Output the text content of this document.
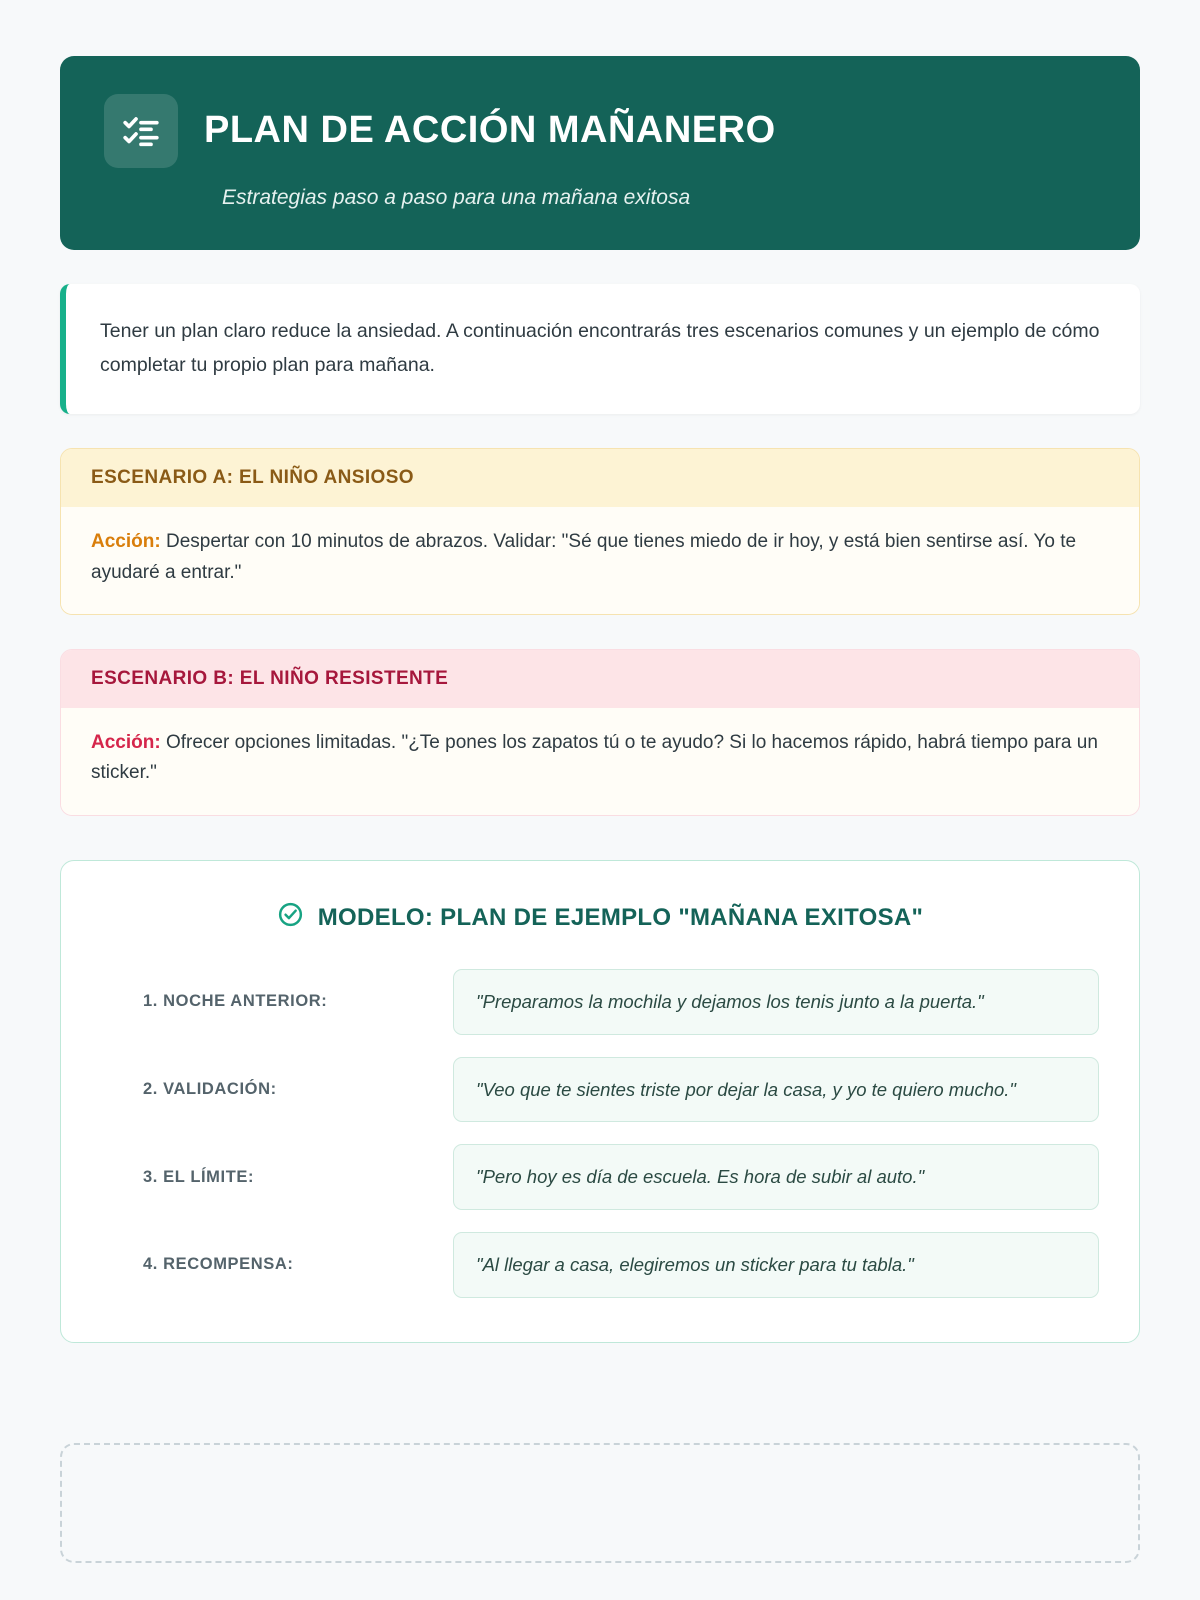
PLAN DE ACCIÓN MAÑANERO
Estrategias paso a paso para una mañana exitosa

Tener un plan claro reduce la ansiedad. A continuación encontrarás tres escenarios comunes y un ejemplo de cómo completar tu propio plan para mañana.

ESCENARIO A: EL NIÑO ANSIOSO
Acción: Despertar con 10 minutos de abrazos. Validar: "Sé que tienes miedo de ir hoy, y está bien sentirse así. Yo te ayudaré a entrar."
ESCENARIO B: EL NIÑO RESISTENTE
Acción: Ofrecer opciones limitadas. "¿Te pones los zapatos tú o te ayudo? Si lo hacemos rápido, habrá tiempo para un sticker."
MODELO: PLAN DE EJEMPLO "MAÑANA EXITOSA"
1. NOCHE ANTERIOR:	"Preparamos la mochila y dejamos los tenis junto a la puerta."
2. VALIDACIÓN:	"Veo que te sientes triste por dejar la casa, y yo te quiero mucho."
3. EL LÍMITE:	"Pero hoy es día de escuela. Es hora de subir al auto."
4. RECOMPENSA:	"Al llegar a casa, elegiremos un sticker para tu tabla."
